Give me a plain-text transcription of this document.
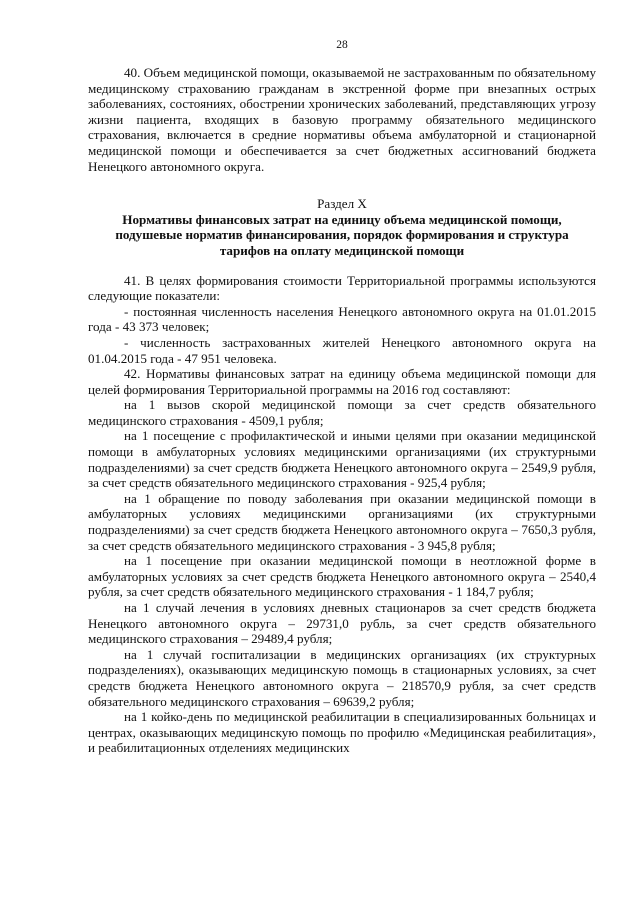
28

40. Объем медицинской помощи, оказываемой не застрахованным по обязательному медицинскому страхованию гражданам в экстренной форме при внезапных острых заболеваниях, состояниях, обострении хронических заболеваний, представляющих угрозу жизни пациента, входящих в базовую программу обязательного медицинского страхования, включается в средние нормативы объема амбулаторной и стационарной медицинской помощи и обеспечивается за счет бюджетных ассигнований бюджета Ненецкого автономного округа.

Раздел X

Нормативы финансовых затрат на единицу объема медицинской помощи, подушевые норматив финансирования, порядок формирования и структура тарифов на оплату медицинской помощи

41. В целях формирования стоимости Территориальной программы используются следующие показатели:

- постоянная численность населения Ненецкого автономного округа на 01.01.2015 года - 43 373 человек;

- численность застрахованных жителей Ненецкого автономного округа на 01.04.2015 года - 47 951 человека.

42. Нормативы финансовых затрат на единицу объема медицинской помощи для целей формирования Территориальной программы на 2016 год составляют:

на 1 вызов скорой медицинской помощи за счет средств обязательного медицинского страхования - 4509,1 рубля;

на 1 посещение с профилактической и иными целями при оказании медицинской помощи в амбулаторных условиях медицинскими организациями (их структурными подразделениями) за счет средств бюджета Ненецкого автономного округа – 2549,9 рубля, за счет средств обязательного медицинского страхования - 925,4 рубля;

на 1 обращение по поводу заболевания при оказании медицинской помощи в амбулаторных условиях медицинскими организациями (их структурными подразделениями) за счет средств бюджета Ненецкого автономного округа – 7650,3 рубля, за счет средств обязательного медицинского страхования - 3 945,8 рубля;

на 1 посещение при оказании медицинской помощи в неотложной форме в амбулаторных условиях за счет средств бюджета Ненецкого автономного округа – 2540,4 рубля, за счет средств обязательного медицинского страхования - 1 184,7 рубля;

на 1 случай лечения в условиях дневных стационаров за счет средств бюджета Ненецкого автономного округа – 29731,0 рубль, за счет средств обязательного медицинского страхования – 29489,4 рубля;

на 1 случай госпитализации в медицинских организациях (их структурных подразделениях), оказывающих медицинскую помощь в стационарных условиях, за счет средств бюджета Ненецкого автономного округа – 218570,9 рубля, за счет средств обязательного медицинского страхования – 69639,2 рубля;

на 1 койко-день по медицинской реабилитации в специализированных больницах и центрах, оказывающих медицинскую помощь по профилю «Медицинская реабилитация», и реабилитационных отделениях медицинских
